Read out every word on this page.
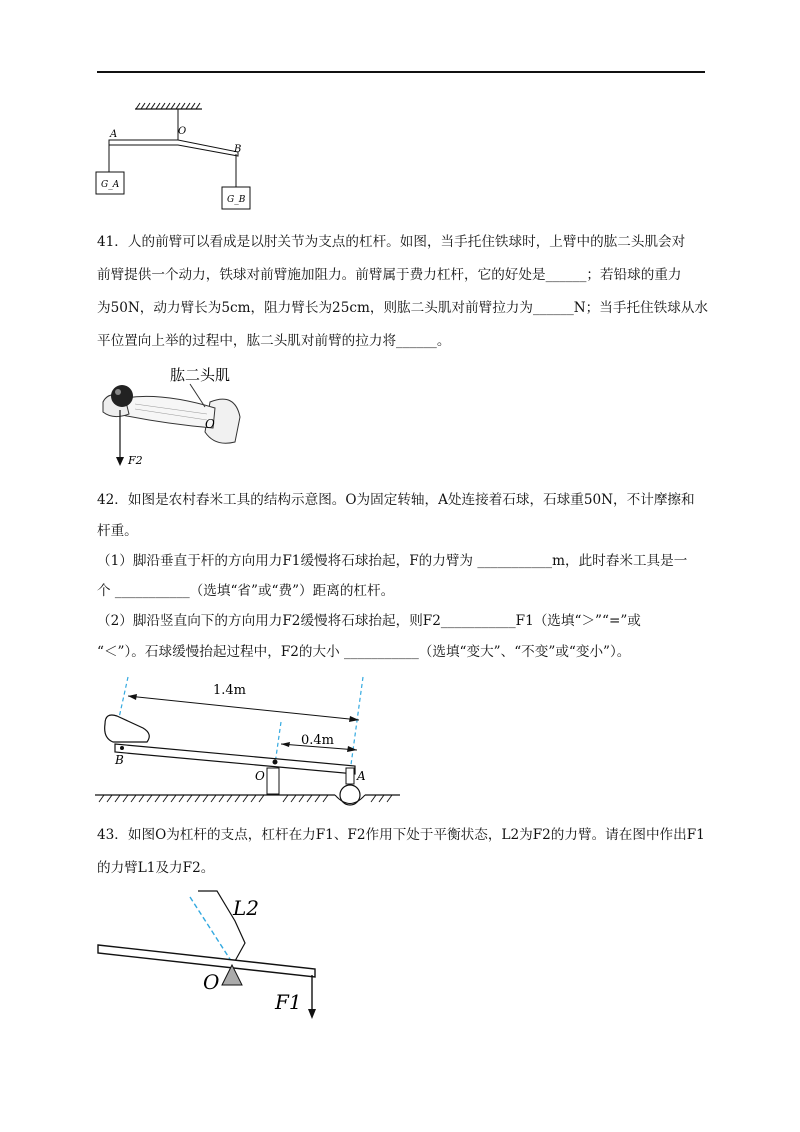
A	O
B
G_A
G_B
41．人的前臂可以看成是以肘关节为支点的杠杆。如图，当手托住铁球时，上臂中的肱二头肌会对
前臂提供一个动力，铁球对前臂施加阻力。前臂属于费力杠杆，它的好处是______；若铅球的重力
为50N，动力臂长为5cm，阻力臂长为25cm，则肱二头肌对前臂拉力为______N；当手托住铁球从水
平位置向上举的过程中，肱二头肌对前臂的拉力将______。
肱二头肌
O
F2
42．如图是农村舂米工具的结构示意图。O为固定转轴，A处连接着石球，石球重50N，不计摩擦和
杆重。
（1）脚沿垂直于杆的方向用力F1缓慢将石球抬起，F的力臂为 ___________m，此时舂米工具是一
个 ___________（选填“省”或“费”）距离的杠杆。
（2）脚沿竖直向下的方向用力F2缓慢将石球抬起，则F2___________F1（选填“＞”“=”或
“＜”）。石球缓慢抬起过程中，F2的大小 ___________（选填“变大”、“不变”或“变小”）。
1.4m
0.4m
B
O	A
43．如图O为杠杆的支点，杠杆在力F1、F2作用下处于平衡状态，L2为F2的力臂。请在图中作出F1
的力臂L1及力F2。
L2
O
F1
